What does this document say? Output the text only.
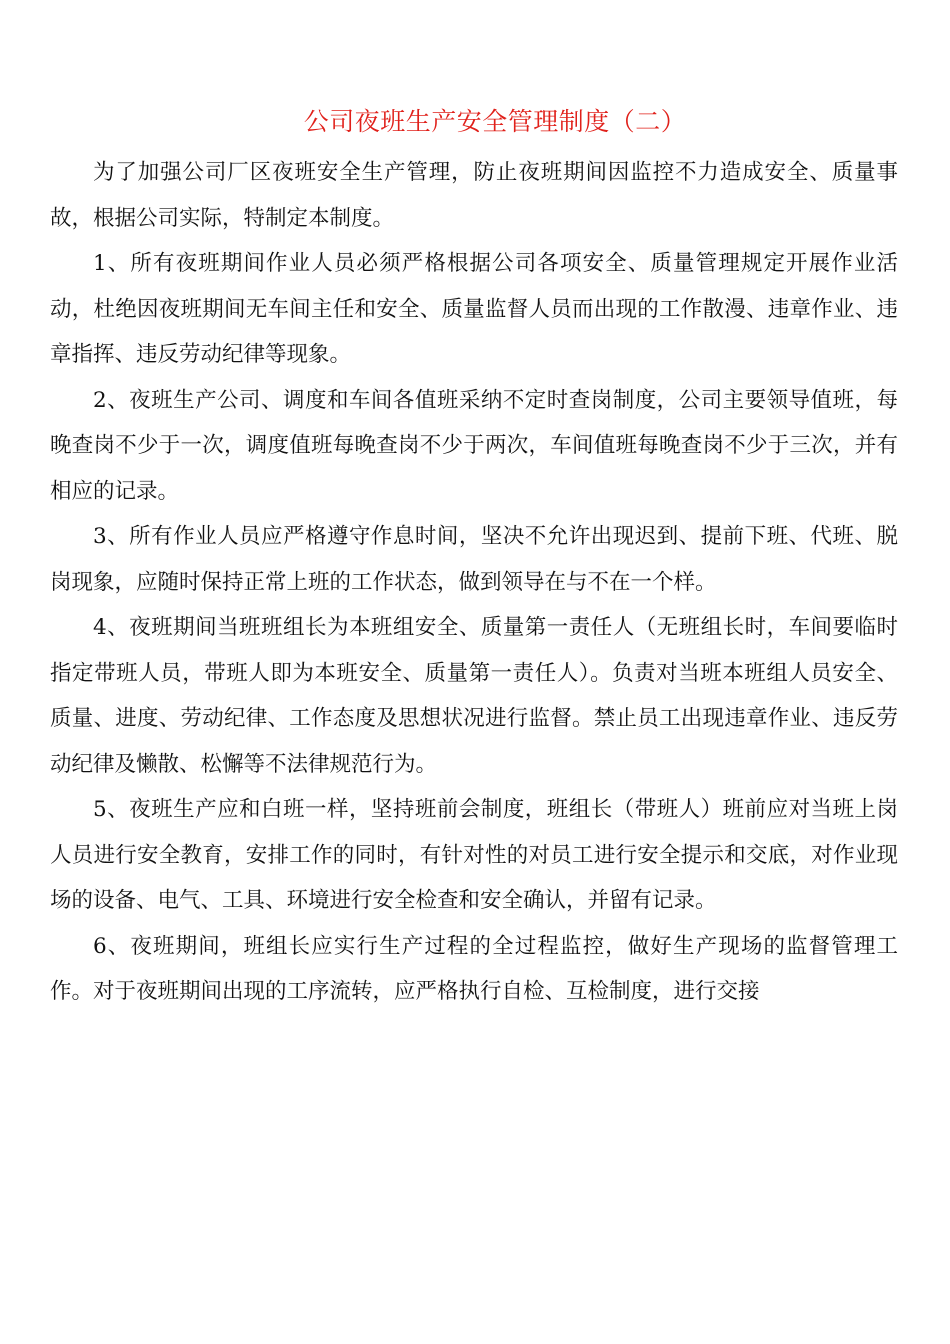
公司夜班生产安全管理制度（二）

为了加强公司厂区夜班安全生产管理，防止夜班期间因监控不力造成安全、质量事故，根据公司实际，特制定本制度。

1、所有夜班期间作业人员必须严格根据公司各项安全、质量管理规定开展作业活动，杜绝因夜班期间无车间主任和安全、质量监督人员而出现的工作散漫、违章作业、违章指挥、违反劳动纪律等现象。

2、夜班生产公司、调度和车间各值班采纳不定时查岗制度，公司主要领导值班，每晚查岗不少于一次，调度值班每晚查岗不少于两次，车间值班每晚查岗不少于三次，并有相应的记录。

3、所有作业人员应严格遵守作息时间，坚决不允许出现迟到、提前下班、代班、脱岗现象，应随时保持正常上班的工作状态，做到领导在与不在一个样。

4、夜班期间当班班组长为本班组安全、质量第一责任人（无班组长时，车间要临时指定带班人员，带班人即为本班安全、质量第一责任人）。负责对当班本班组人员安全、质量、进度、劳动纪律、工作态度及思想状况进行监督。禁止员工出现违章作业、违反劳动纪律及懒散、松懈等不法律规范行为。

5、夜班生产应和白班一样，坚持班前会制度，班组长（带班人）班前应对当班上岗人员进行安全教育，安排工作的同时，有针对性的对员工进行安全提示和交底，对作业现场的设备、电气、工具、环境进行安全检查和安全确认，并留有记录。

6、夜班期间，班组长应实行生产过程的全过程监控，做好生产现场的监督管理工作。对于夜班期间出现的工序流转，应严格执行自检、互检制度，进行交接
